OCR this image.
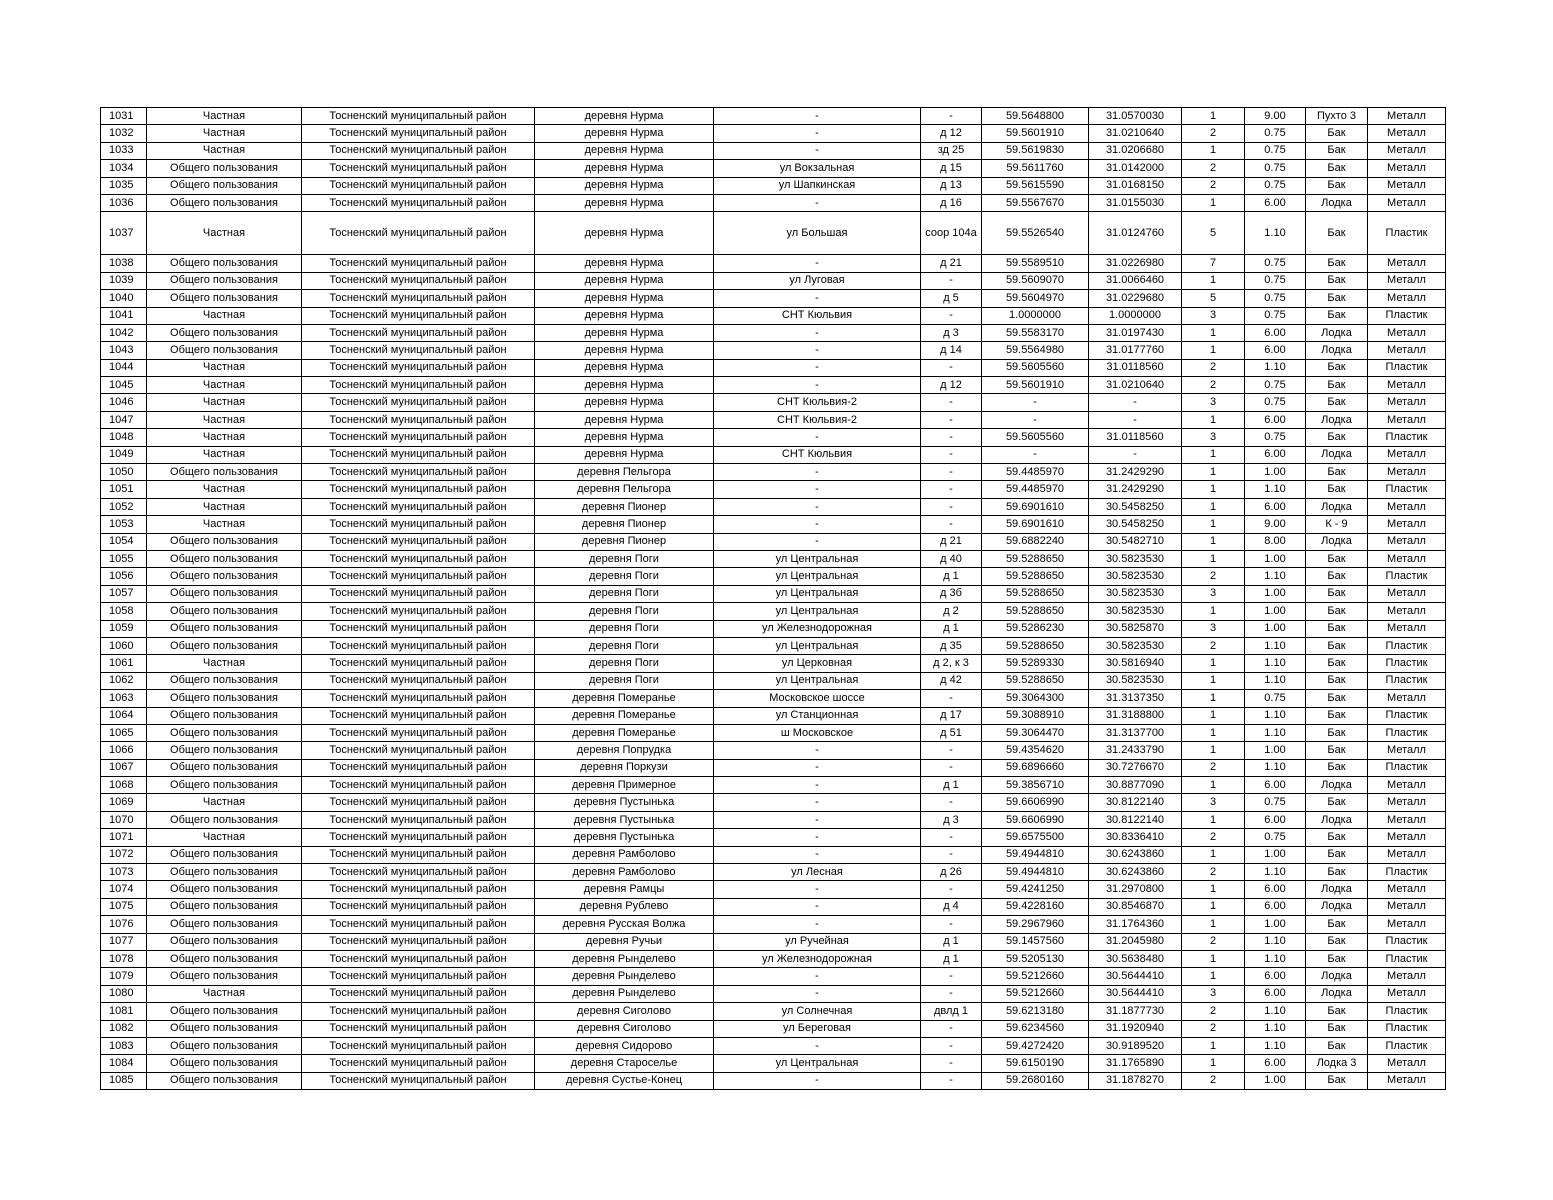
1031	Частная	Тосненский муниципальный район	деревня Нурма	-	-	59.5648800	31.0570030	1	9.00	Пухто 3	Металл
1032	Частная	Тосненский муниципальный район	деревня Нурма	-	д 12	59.5601910	31.0210640	2	0.75	Бак	Металл
1033	Частная	Тосненский муниципальный район	деревня Нурма	-	зд 25	59.5619830	31.0206680	1	0.75	Бак	Металл
1034	Общего пользования	Тосненский муниципальный район	деревня Нурма	ул Вокзальная	д 15	59.5611760	31.0142000	2	0.75	Бак	Металл
1035	Общего пользования	Тосненский муниципальный район	деревня Нурма	ул Шапкинская	д 13	59.5615590	31.0168150	2	0.75	Бак	Металл
1036	Общего пользования	Тосненский муниципальный район	деревня Нурма	-	д 16	59.5567670	31.0155030	1	6.00	Лодка	Металл
1037	Частная	Тосненский муниципальный район	деревня Нурма	ул Большая	соор 104а	59.5526540	31.0124760	5	1.10	Бак	Пластик
1038	Общего пользования	Тосненский муниципальный район	деревня Нурма	-	д 21	59.5589510	31.0226980	7	0.75	Бак	Металл
1039	Общего пользования	Тосненский муниципальный район	деревня Нурма	ул Луговая	-	59.5609070	31.0066460	1	0.75	Бак	Металл
1040	Общего пользования	Тосненский муниципальный район	деревня Нурма	-	д 5	59.5604970	31.0229680	5	0.75	Бак	Металл
1041	Частная	Тосненский муниципальный район	деревня Нурма	СНТ Кюльвия	-	1.0000000	1.0000000	3	0.75	Бак	Пластик
1042	Общего пользования	Тосненский муниципальный район	деревня Нурма	-	д 3	59.5583170	31.0197430	1	6.00	Лодка	Металл
1043	Общего пользования	Тосненский муниципальный район	деревня Нурма	-	д 14	59.5564980	31.0177760	1	6.00	Лодка	Металл
1044	Частная	Тосненский муниципальный район	деревня Нурма	-	-	59.5605560	31.0118560	2	1.10	Бак	Пластик
1045	Частная	Тосненский муниципальный район	деревня Нурма	-	д 12	59.5601910	31.0210640	2	0.75	Бак	Металл
1046	Частная	Тосненский муниципальный район	деревня Нурма	СНТ Кюльвия-2	-	-	-	3	0.75	Бак	Металл
1047	Частная	Тосненский муниципальный район	деревня Нурма	СНТ Кюльвия-2	-	-	-	1	6.00	Лодка	Металл
1048	Частная	Тосненский муниципальный район	деревня Нурма	-	-	59.5605560	31.0118560	3	0.75	Бак	Пластик
1049	Частная	Тосненский муниципальный район	деревня Нурма	СНТ Кюльвия	-	-	-	1	6.00	Лодка	Металл
1050	Общего пользования	Тосненский муниципальный район	деревня Пельгора	-	-	59.4485970	31.2429290	1	1.00	Бак	Металл
1051	Частная	Тосненский муниципальный район	деревня Пельгора	-	-	59.4485970	31.2429290	1	1.10	Бак	Пластик
1052	Частная	Тосненский муниципальный район	деревня Пионер	-	-	59.6901610	30.5458250	1	6.00	Лодка	Металл
1053	Частная	Тосненский муниципальный район	деревня Пионер	-	-	59.6901610	30.5458250	1	9.00	К - 9	Металл
1054	Общего пользования	Тосненский муниципальный район	деревня Пионер	-	д 21	59.6882240	30.5482710	1	8.00	Лодка	Металл
1055	Общего пользования	Тосненский муниципальный район	деревня Поги	ул Центральная	д 40	59.5288650	30.5823530	1	1.00	Бак	Металл
1056	Общего пользования	Тосненский муниципальный район	деревня Поги	ул Центральная	д 1	59.5288650	30.5823530	2	1.10	Бак	Пластик
1057	Общего пользования	Тосненский муниципальный район	деревня Поги	ул Центральная	д 3б	59.5288650	30.5823530	3	1.00	Бак	Металл
1058	Общего пользования	Тосненский муниципальный район	деревня Поги	ул Центральная	д 2	59.5288650	30.5823530	1	1.00	Бак	Металл
1059	Общего пользования	Тосненский муниципальный район	деревня Поги	ул Железнодорожная	д 1	59.5286230	30.5825870	3	1.00	Бак	Металл
1060	Общего пользования	Тосненский муниципальный район	деревня Поги	ул Центральная	д 35	59.5288650	30.5823530	2	1.10	Бак	Пластик
1061	Частная	Тосненский муниципальный район	деревня Поги	ул Церковная	д 2, к 3	59.5289330	30.5816940	1	1.10	Бак	Пластик
1062	Общего пользования	Тосненский муниципальный район	деревня Поги	ул Центральная	д 42	59.5288650	30.5823530	1	1.10	Бак	Пластик
1063	Общего пользования	Тосненский муниципальный район	деревня Померанье	Московское шоссе	-	59.3064300	31.3137350	1	0.75	Бак	Металл
1064	Общего пользования	Тосненский муниципальный район	деревня Померанье	ул Станционная	д 17	59.3088910	31.3188800	1	1.10	Бак	Пластик
1065	Общего пользования	Тосненский муниципальный район	деревня Померанье	ш Московское	д 51	59.3064470	31.3137700	1	1.10	Бак	Пластик
1066	Общего пользования	Тосненский муниципальный район	деревня Попрудка	-	-	59.4354620	31.2433790	1	1.00	Бак	Металл
1067	Общего пользования	Тосненский муниципальный район	деревня Поркузи	-	-	59.6896660	30.7276670	2	1.10	Бак	Пластик
1068	Общего пользования	Тосненский муниципальный район	деревня Примерное	-	д 1	59.3856710	30.8877090	1	6.00	Лодка	Металл
1069	Частная	Тосненский муниципальный район	деревня Пустынька	-	-	59.6606990	30.8122140	3	0.75	Бак	Металл
1070	Общего пользования	Тосненский муниципальный район	деревня Пустынька	-	д 3	59.6606990	30.8122140	1	6.00	Лодка	Металл
1071	Частная	Тосненский муниципальный район	деревня Пустынька	-	-	59.6575500	30.8336410	2	0.75	Бак	Металл
1072	Общего пользования	Тосненский муниципальный район	деревня Рамболово	-	-	59.4944810	30.6243860	1	1.00	Бак	Металл
1073	Общего пользования	Тосненский муниципальный район	деревня Рамболово	ул Лесная	д 26	59.4944810	30.6243860	2	1.10	Бак	Пластик
1074	Общего пользования	Тосненский муниципальный район	деревня Рамцы	-	-	59.4241250	31.2970800	1	6.00	Лодка	Металл
1075	Общего пользования	Тосненский муниципальный район	деревня Рублево	-	д 4	59.4228160	30.8546870	1	6.00	Лодка	Металл
1076	Общего пользования	Тосненский муниципальный район	деревня Русская Волжа	-	-	59.2967960	31.1764360	1	1.00	Бак	Металл
1077	Общего пользования	Тосненский муниципальный район	деревня Ручьи	ул Ручейная	д 1	59.1457560	31.2045980	2	1.10	Бак	Пластик
1078	Общего пользования	Тосненский муниципальный район	деревня Рынделево	ул Железнодорожная	д 1	59.5205130	30.5638480	1	1.10	Бак	Пластик
1079	Общего пользования	Тосненский муниципальный район	деревня Рынделево	-	-	59.5212660	30.5644410	1	6.00	Лодка	Металл
1080	Частная	Тосненский муниципальный район	деревня Рынделево	-	-	59.5212660	30.5644410	3	6.00	Лодка	Металл
1081	Общего пользования	Тосненский муниципальный район	деревня Сиголово	ул Солнечная	двлд 1	59.6213180	31.1877730	2	1.10	Бак	Пластик
1082	Общего пользования	Тосненский муниципальный район	деревня Сиголово	ул Береговая	-	59.6234560	31.1920940	2	1.10	Бак	Пластик
1083	Общего пользования	Тосненский муниципальный район	деревня Сидорово	-	-	59.4272420	30.9189520	1	1.10	Бак	Пластик
1084	Общего пользования	Тосненский муниципальный район	деревня Староселье	ул Центральная	-	59.6150190	31.1765890	1	6.00	Лодка 3	Металл
1085	Общего пользования	Тосненский муниципальный район	деревня Сустье-Конец	-	-	59.2680160	31.1878270	2	1.00	Бак	Металл
